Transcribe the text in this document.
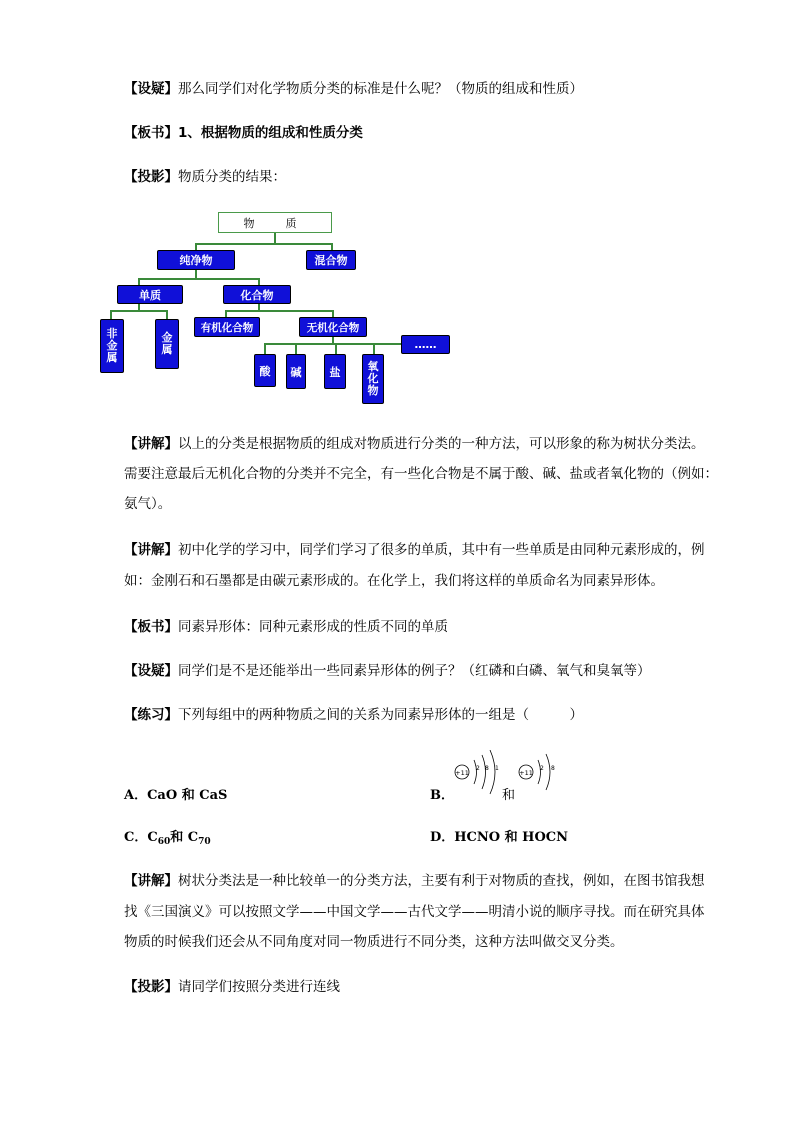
【设疑】那么同学们对化学物质分类的标准是什么呢？（物质的组成和性质）
【板书】1、根据物质的组成和性质分类
【投影】物质分类的结果：
物　质
纯净物	混合物
单质	化合物
非
金
属
金
属
有机化合物	无机化合物
……
酸	碱	盐	氧
化
物
【讲解】以上的分类是根据物质的组成对物质进行分类的一种方法，可以形象的称为树状分类法。
需要注意最后无机化合物的分类并不完全，有一些化合物是不属于酸、碱、盐或者氧化物的（例如：
氨气）。
【讲解】初中化学的学习中，同学们学习了很多的单质，其中有一些单质是由同种元素形成的，例
如：金刚石和石墨都是由碳元素形成的。在化学上，我们将这样的单质命名为同素异形体。
【板书】同素异形体：同种元素形成的性质不同的单质
【设疑】同学们是不是还能举出一些同素异形体的例子？（红磷和白磷、氧气和臭氧等）
【练习】下列每组中的两种物质之间的关系为同素异形体的一组是（　　　）
A．CaO 和 CaS	B．
+11
2 8 1
+11
2 8
和
C．$C_{60}$和 $C_{70}$	D．HCNO 和 HOCN
【讲解】树状分类法是一种比较单一的分类方法，主要有利于对物质的查找，例如，在图书馆我想
找《三国演义》可以按照文学——中国文学——古代文学——明清小说的顺序寻找。而在研究具体
物质的时候我们还会从不同角度对同一物质进行不同分类，这种方法叫做交叉分类。
【投影】请同学们按照分类进行连线
